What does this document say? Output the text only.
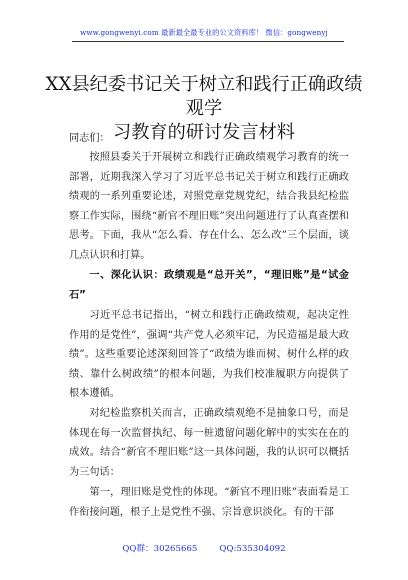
www.gongwenyi.com 最新最全最专业的公文资料库！ 微信：gongwenyj
XX县纪委书记关于树立和践行正确政绩观学
习教育的研讨发言材料
同志们：

按照县委关于开展树立和践行正确政绩观学习教育的统一部署，近期我深入学习了习近平总书记关于树立和践行正确政绩观的一系列重要论述，对照党章党规党纪，结合我县纪检监察工作实际，围绕“新官不理旧账”突出问题进行了认真查摆和思考。下面，我从“怎么看、存在什么、怎么改”三个层面，谈几点认识和打算。

一、深化认识：政绩观是“总开关”，“理旧账”是“试金石”

习近平总书记指出，“树立和践行正确政绩观，起决定性作用的是党性”，强调“共产党人必须牢记，为民造福是最大政绩”。这些重要论述深刻回答了“政绩为谁而树、树什么样的政绩、靠什么树政绩”的根本问题，为我们校准履职方向提供了根本遵循。

对纪检监察机关而言，正确政绩观绝不是抽象口号，而是体现在每一次监督执纪、每一桩遗留问题化解中的实实在在的成效。结合“新官不理旧账”这一具体问题，我的认识可以概括为三句话：

第一，理旧账是党性的体现。“新官不理旧账”表面看是工作衔接问题，根子上是党性不强、宗旨意识淡化。有的干部

QQ群：30265665	QQ:535304092
